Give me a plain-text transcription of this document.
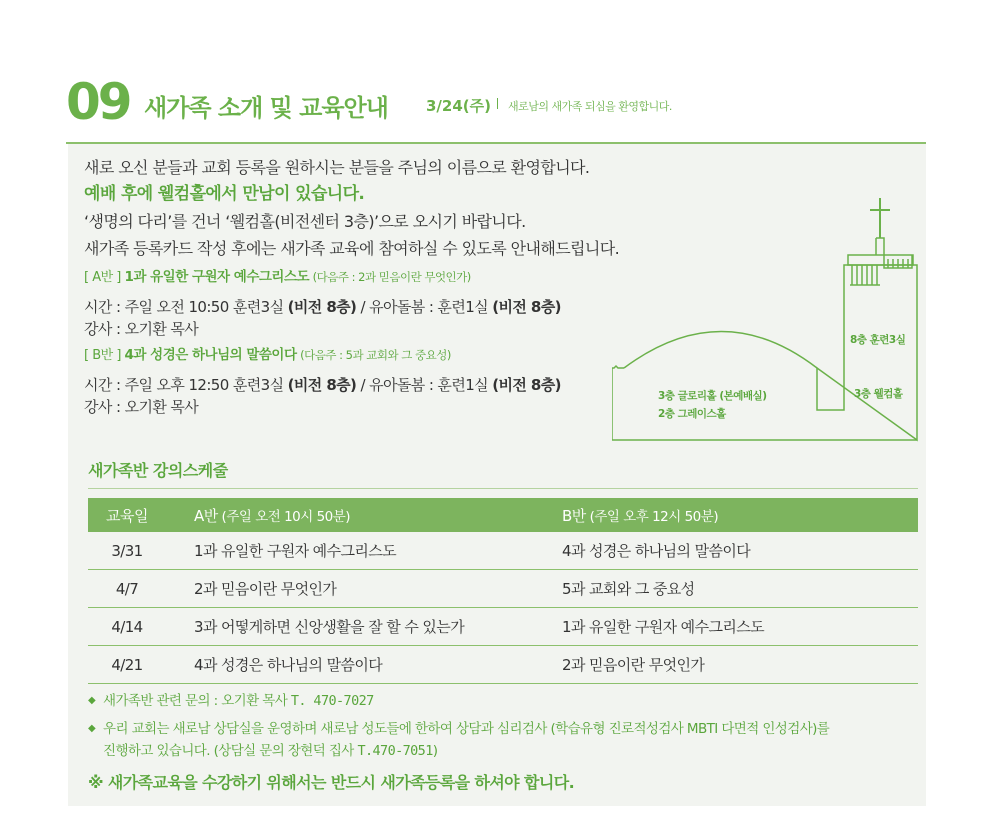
09 새가족 소개 및 교육안내	3/24(주) 새로남의 새가족 되심을 환영합니다.
새로 오신 분들과 교회 등록을 원하시는 분들을 주님의 이름으로 환영합니다.
예배 후에 웰컴홀에서 만남이 있습니다.
‘생명의 다리’를 건너 ‘웰컴홀(비전센터 3층)’으로 오시기 바랍니다.
새가족 등록카드 작성 후에는 새가족 교육에 참여하실 수 있도록 안내해드립니다.
[ A반 ] 1과 유일한 구원자 예수그리스도 (다음주 : 2과 믿음이란 무엇인가)
시간 : 주일 오전 10:50 훈련3실 (비전 8층) / 유아돌봄 : 훈련1실 (비전 8층)
강사 : 오기환 목사
[ B반 ] 4과 성경은 하나님의 말씀이다 (다음주 : 5과 교회와 그 중요성)
시간 : 주일 오후 12:50 훈련3실 (비전 8층) / 유아돌봄 : 훈련1실 (비전 8층)
강사 : 오기환 목사
8층 훈련3실
3층 웰컴홀
3층 글로리홀 (본예배실)
2층 그레이스홀
새가족반 강의스케줄
교육일	A반 (주일 오전 10시 50분)	B반 (주일 오후 12시 50분)
3/31	1과 유일한 구원자 예수그리스도	4과 성경은 하나님의 말씀이다
4/7	2과 믿음이란 무엇인가	5과 교회와 그 중요성
4/14	3과 어떻게하면 신앙생활을 잘 할 수 있는가	1과 유일한 구원자 예수그리스도
4/21	4과 성경은 하나님의 말씀이다	2과 믿음이란 무엇인가
◆ 새가족반 관련 문의 : 오기환 목사 T. 470-7027
◆ 우리 교회는 새로남 상담실을 운영하며 새로남 성도들에 한하여 상담과 심리검사 (학습유형 진로적성검사 MBTI 다면적 인성검사)를
진행하고 있습니다. (상담실 문의 장현덕 집사 T.470-7051)
※ 새가족교육을 수강하기 위해서는 반드시 새가족등록을 하셔야 합니다.
